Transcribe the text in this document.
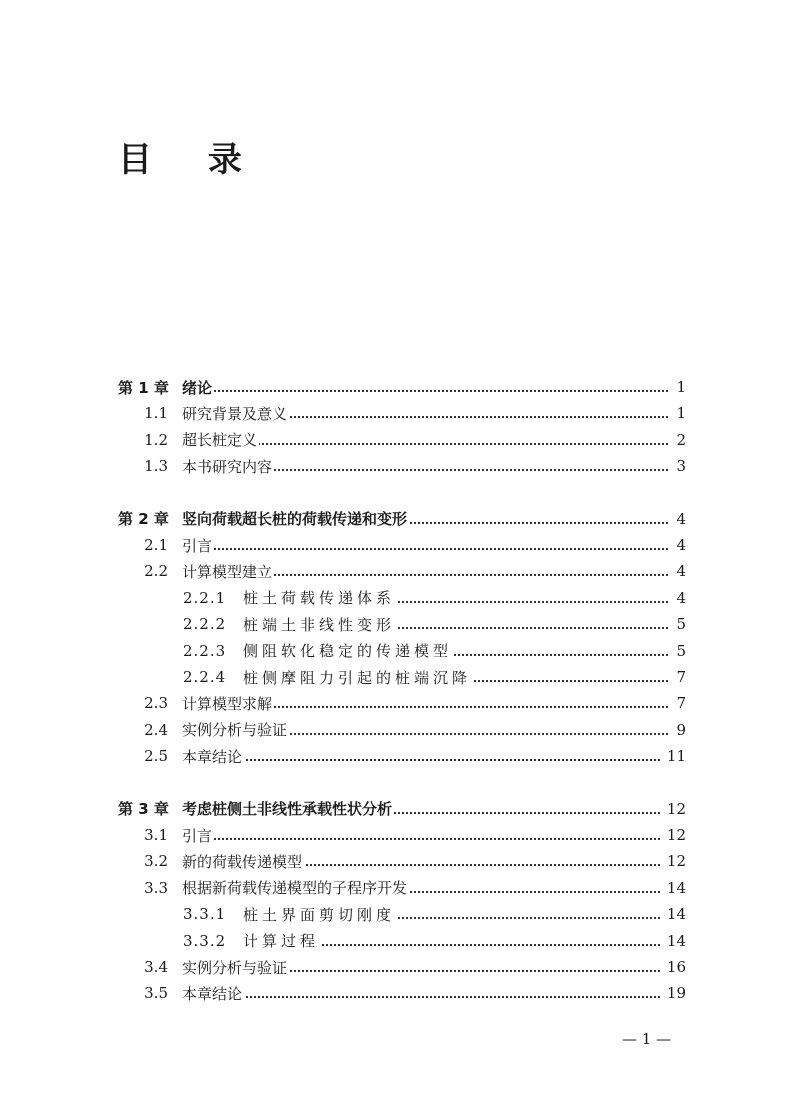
目 录
第 1 章 绪论	1
1.1 研究背景及意义	1
1.2 超长桩定义	2
1.3 本书研究内容	3
第 2 章 竖向荷载超长桩的荷载传递和变形	4
2.1 引言	4
2.2 计算模型建立	4
2.2.1 桩土荷载传递体系	4
2.2.2 桩端土非线性变形	5
2.2.3 侧阻软化稳定的传递模型	5
2.2.4 桩侧摩阻力引起的桩端沉降	7
2.3 计算模型求解	7
2.4 实例分析与验证	9
2.5 本章结论	11
第 3 章 考虑桩侧土非线性承载性状分析	12
3.1 引言	12
3.2 新的荷载传递模型	12
3.3 根据新荷载传递模型的子程序开发	14
3.3.1 桩土界面剪切刚度	14
3.3.2 计算过程	14
3.4 实例分析与验证	16
3.5 本章结论	19
— 1 —
